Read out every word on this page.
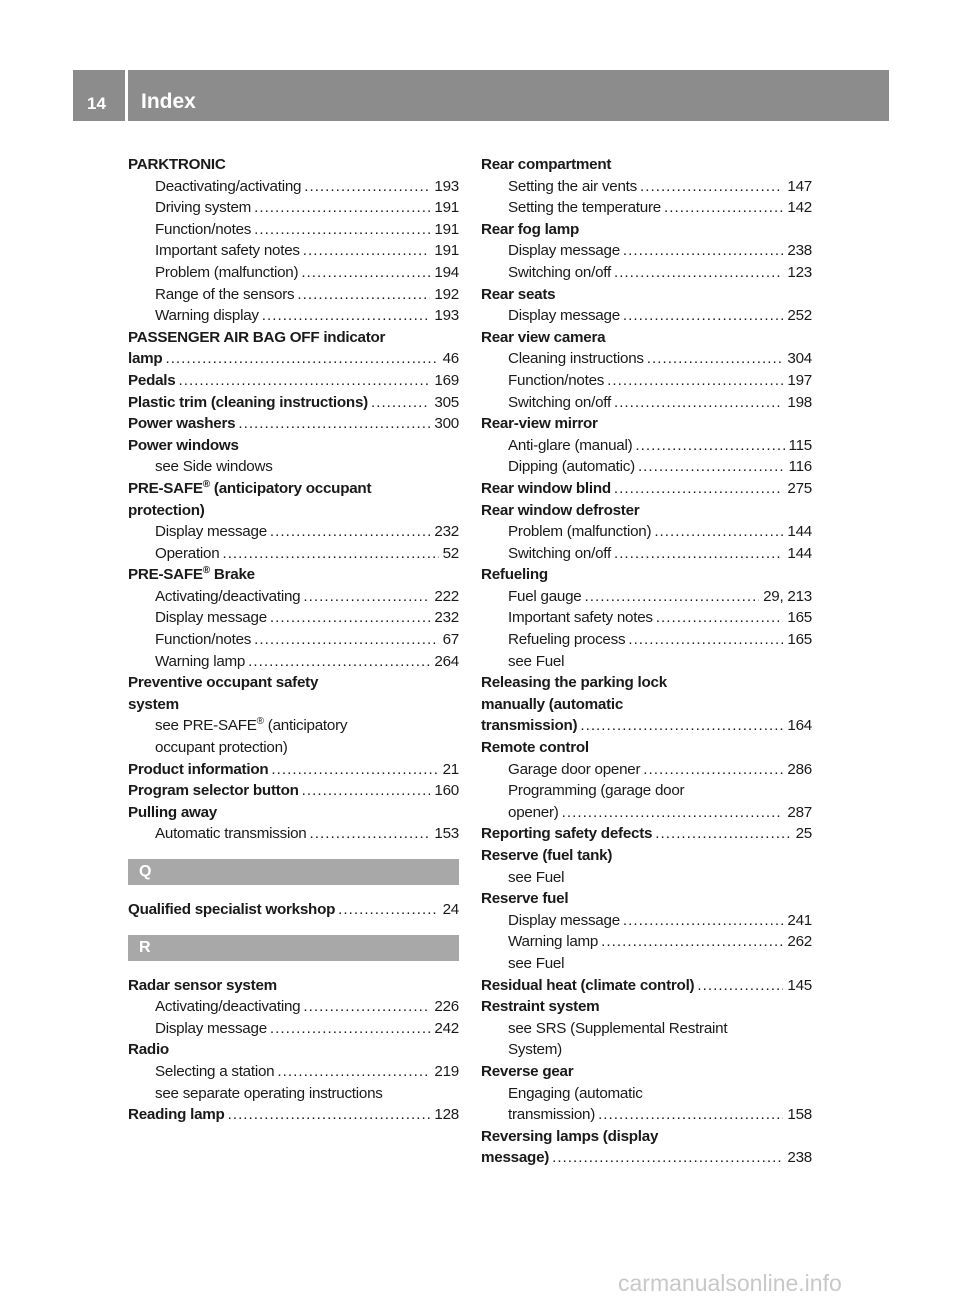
14 Index
PARKTRONIC
Deactivating/activating . . .	193
Driving system . . .	191
Function/notes . . .	191
Important safety notes . . .	191
Problem (malfunction) . . .	194
Range of the sensors . . .	192
Warning display . . .	193
PASSENGER AIR BAG OFF indicator
lamp . . .	46
Pedals . . .	169
Plastic trim (cleaning instructions) . . .	305
Power washers . . .	300
Power windows
see Side windows
PRE-SAFE® (anticipatory occupant
protection)
Display message . . .	232
Operation . . .	52
PRE-SAFE® Brake
Activating/deactivating . . .	222
Display message . . .	232
Function/notes . . .	67
Warning lamp . . .	264
Preventive occupant safety
system
see PRE-SAFE® (anticipatory
occupant protection)
Product information . . .	21
Program selector button . . .	160
Pulling away
Automatic transmission . . .	153
Q
Qualified specialist workshop . . .	24
R
Radar sensor system
Activating/deactivating . . .	226
Display message . . .	242
Radio
Selecting a station . . .	219
see separate operating instructions
Reading lamp . . .	128
Rear compartment
Setting the air vents . . .	147
Setting the temperature . . .	142
Rear fog lamp
Display message . . .	238
Switching on/off . . .	123
Rear seats
Display message . . .	252
Rear view camera
Cleaning instructions . . .	304
Function/notes . . .	197
Switching on/off . . .	198
Rear-view mirror
Anti-glare (manual) . . .	115
Dipping (automatic) . . .	116
Rear window blind . . .	275
Rear window defroster
Problem (malfunction) . . .	144
Switching on/off . . .	144
Refueling
Fuel gauge . . .	29, 213
Important safety notes . . .	165
Refueling process . . .	165
see Fuel
Releasing the parking lock
manually (automatic
transmission) . . .	164
Remote control
Garage door opener . . .	286
Programming (garage door
opener) . . .	287
Reporting safety defects . . .	25
Reserve (fuel tank)
see Fuel
Reserve fuel
Display message . . .	241
Warning lamp . . .	262
see Fuel
Residual heat (climate control) . . .	145
Restraint system
see SRS (Supplemental Restraint
System)
Reverse gear
Engaging (automatic
transmission) . . .	158
Reversing lamps (display
message) . . .	238
carmanualsonline.info
